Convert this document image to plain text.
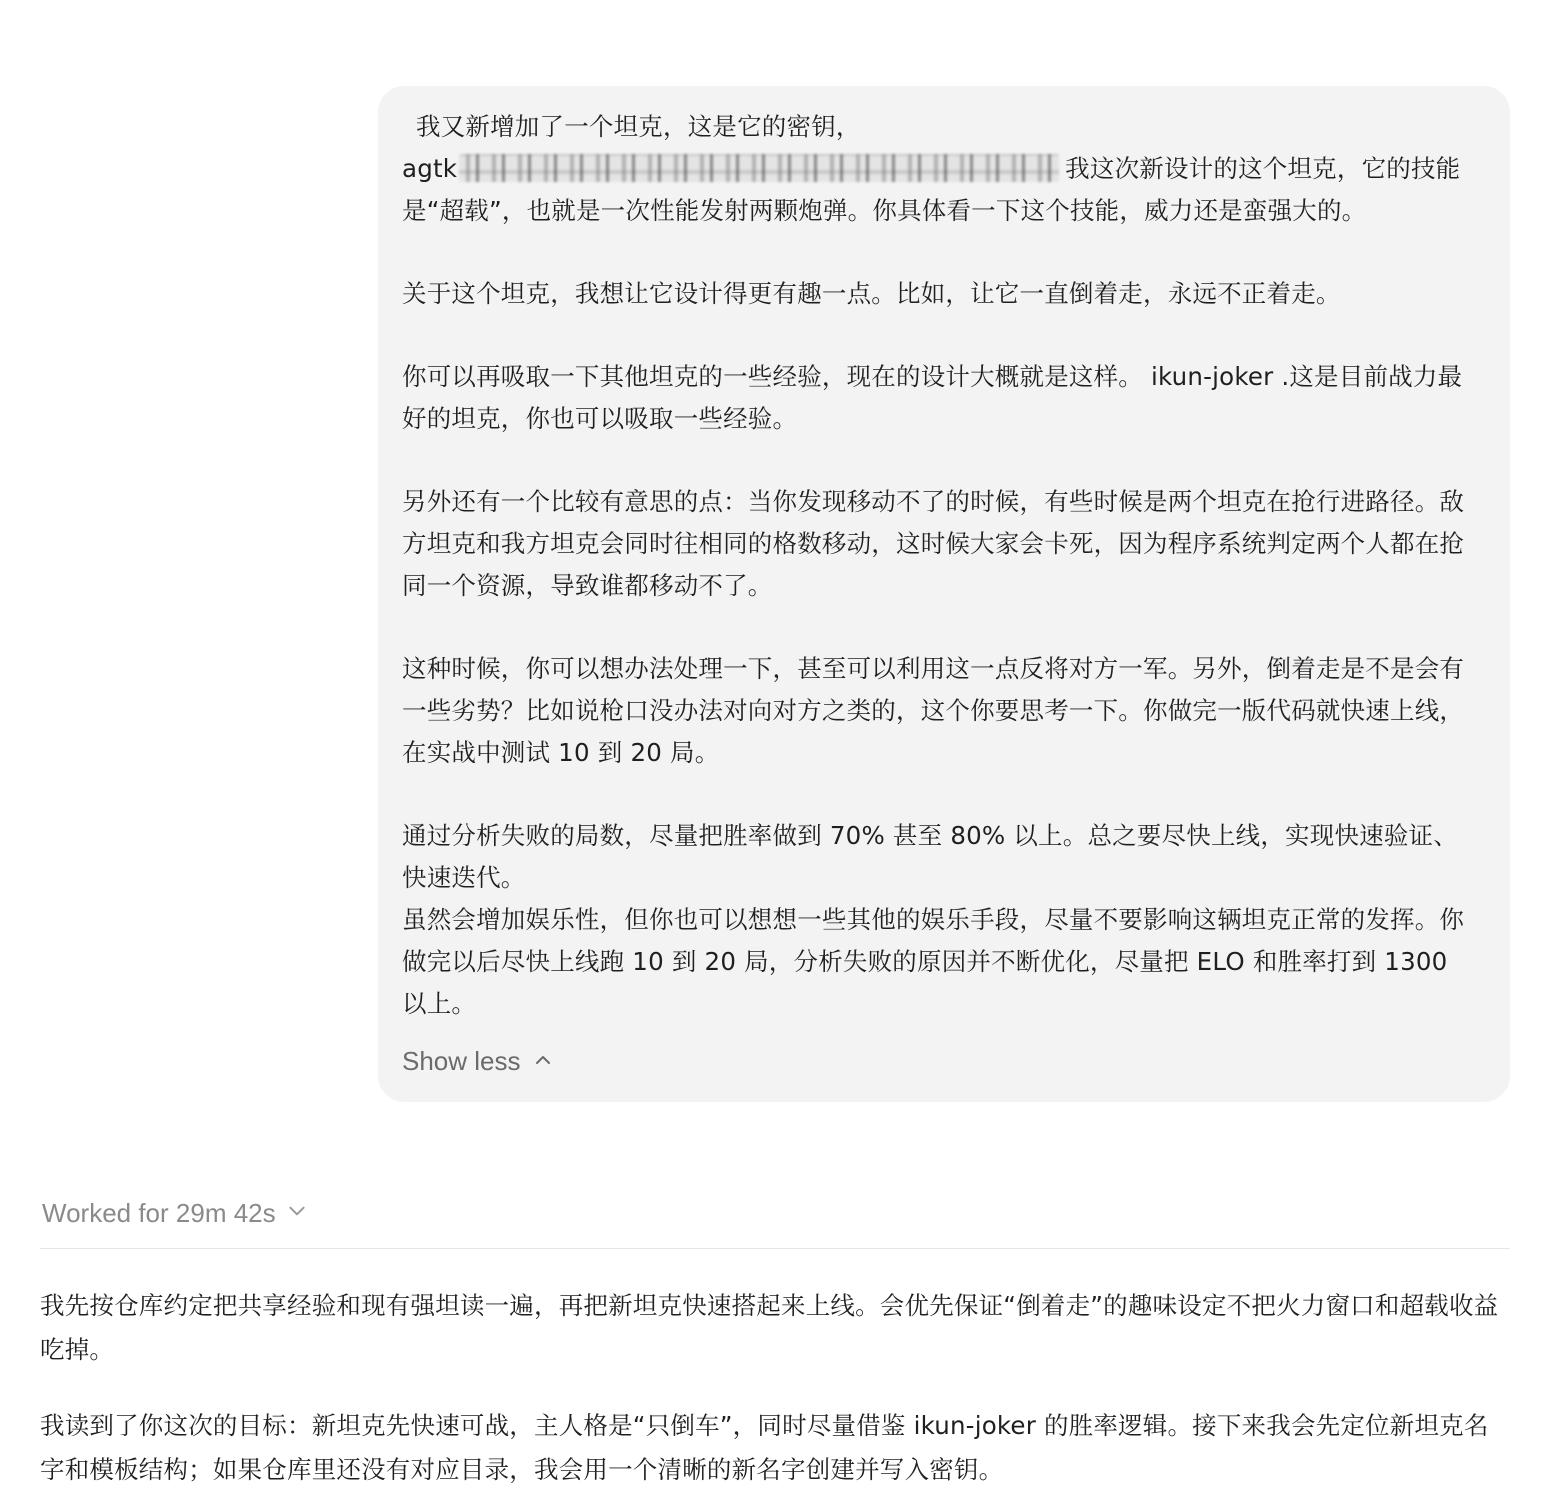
我又新增加了一个坦克，这是它的密钥，

agtk	我这次新设计的这个坦克，它的技能是“超载”，也就是一次性能发射两颗炮弹。你具体看一下这个技能，威力还是蛮强大的。

关于这个坦克，我想让它设计得更有趣一点。比如，让它一直倒着走，永远不正着走。

你可以再吸取一下其他坦克的一些经验，现在的设计大概就是这样。 ikun-joker .这是目前战力最好的坦克，你也可以吸取一些经验。

另外还有一个比较有意思的点：当你发现移动不了的时候，有些时候是两个坦克在抢行进路径。敌方坦克和我方坦克会同时往相同的格数移动，这时候大家会卡死，因为程序系统判定两个人都在抢同一个资源，导致谁都移动不了。

这种时候，你可以想办法处理一下，甚至可以利用这一点反将对方一军。另外，倒着走是不是会有一些劣势？比如说枪口没办法对向对方之类的，这个你要思考一下。你做完一版代码就快速上线，在实战中测试 10 到 20 局。

通过分析失败的局数，尽量把胜率做到 70% 甚至 80% 以上。总之要尽快上线，实现快速验证、快速迭代。

虽然会增加娱乐性，但你也可以想想一些其他的娱乐手段，尽量不要影响这辆坦克正常的发挥。你做完以后尽快上线跑 10 到 20 局，分析失败的原因并不断优化，尽量把 ELO 和胜率打到 1300 以上。

Show less
Worked for 29m 42s

我先按仓库约定把共享经验和现有强坦读一遍，再把新坦克快速搭起来上线。会优先保证“倒着走”的趣味设定不把火力窗口和超载收益吃掉。

我读到了你这次的目标：新坦克先快速可战，主人格是“只倒车”，同时尽量借鉴 ikun-joker 的胜率逻辑。接下来我会先定位新坦克名字和模板结构；如果仓库里还没有对应目录，我会用一个清晰的新名字创建并写入密钥。
